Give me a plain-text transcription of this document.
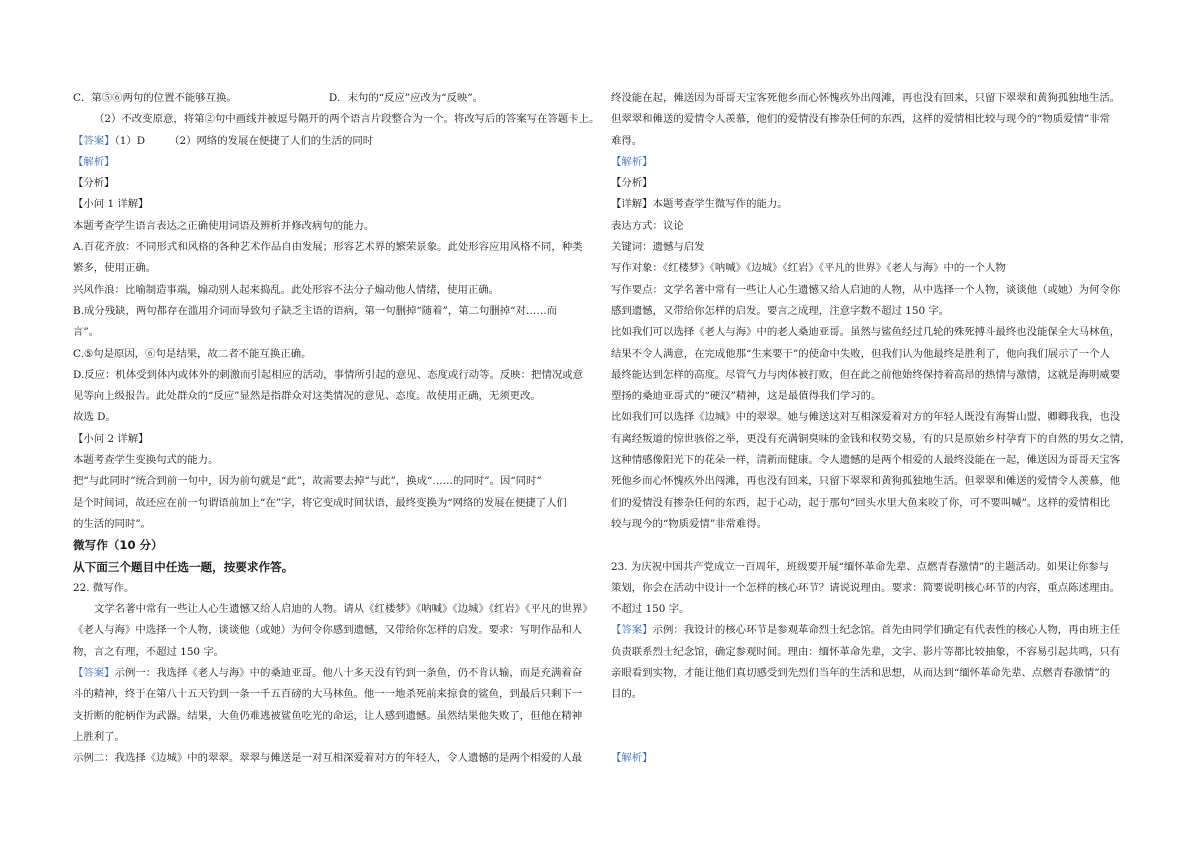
C．第⑤⑥两句的位置不能够互换。	D．末句的“反应”应改为“反映”。
（2）不改变原意，将第②句中画线并被逗号隔开的两个语言片段整合为一个。将改写后的答案写在答题卡上。
【答案】（1）D （2）网络的发展在便捷了人们的生活的同时
【解析】
【分析】
【小问 1 详解】
本题考查学生语言表达之正确使用词语及辨析并修改病句的能力。
A.百花齐放：不同形式和风格的各种艺术作品自由发展；形容艺术界的繁荣景象。此处形容应用风格不同，种类
繁多，使用正确。
兴风作浪：比喻制造事端，煽动别人起来捣乱。此处形容不法分子煽动他人情绪，使用正确。
B.成分残缺，两句都存在滥用介词而导致句子缺乏主语的语病，第一句删掉“随着”，第二句删掉“对……而
言”。
C.⑤句是原因，⑥句是结果，故二者不能互换正确。
D.反应：机体受到体内或体外的刺激而引起相应的活动，事情所引起的意见、态度或行动等。反映：把情况或意
见等向上级报告。此处群众的“反应”显然是指群众对这类情况的意见、态度。故使用正确，无须更改。
故选 D。
【小问 2 详解】
本题考查学生变换句式的能力。
把“与此同时”统合到前一句中，因为前句就是“此”，故需要去掉“与此”，换成“……的同时”。因“同时”
是个时间词，故还应在前一句谓语前加上“在”字，将它变成时间状语，最终变换为“网络的发展在便捷了人们
的生活的同时”。
微写作（10 分）
从下面三个题目中任选一题，按要求作答。
22. 微写作。
文学名著中常有一些让人心生遗憾又给人启迪的人物。请从《红楼梦》《呐喊》《边城》《红岩》《平凡的世界》
《老人与海》中选择一个人物，谈谈他（或她）为何令你感到遗憾，又带给你怎样的启发。要求：写明作品和人
物，言之有理，不超过 150 字。
【答案】示例一：我选择《老人与海》中的桑迪亚哥。他八十多天没有钓到一条鱼，仍不肯认输，而是充满着奋
斗的精神，终于在第八十五天钓到一条一千五百磅的大马林鱼。他一一地杀死前来掠食的鲨鱼，到最后只剩下一
支折断的舵柄作为武器。结果，大鱼仍难逃被鲨鱼吃光的命运，让人感到遗憾。虽然结果他失败了，但他在精神
上胜利了。
示例二：我选择《边城》中的翠翠。翠翠与傩送是一对互相深爱着对方的年轻人，令人遗憾的是两个相爱的人最
终没能在起，傩送因为哥哥天宝客死他乡而心怀愧疚外出闯滩，再也没有回来，只留下翠翠和黄狗孤独地生活。
但翠翠和傩送的爱情令人羡慕，他们的爱情没有掺杂任何的东西，这样的爱情相比较与现今的“物质爱情”非常
难得。
【解析】
【分析】
【详解】本题考查学生微写作的能力。
表达方式：议论
关键词：遗憾与启发
写作对象：《红楼梦》《呐喊》《边城》《红岩》《平凡的世界》《老人与海》中的一个人物
写作要点：文学名著中常有一些让人心生遗憾又给人启迪的人物，从中选择一个人物，谈谈他（或她）为何令你
感到遗憾，又带给你怎样的启发。要言之成理，注意字数不超过 150 字。
比如我们可以选择《老人与海》中的老人桑迪亚哥。虽然与鲨鱼经过几轮的殊死搏斗最终也没能保全大马林鱼，
结果不令人满意，在完成他那“生来要干”的使命中失败，但我们认为他最终是胜利了，他向我们展示了一个人
最终能达到怎样的高度。尽管气力与肉体被打败，但在此之前他始终保持着高昂的热情与激情，这就是海明威要
塑扬的桑迪亚哥式的“硬汉”精神，这是最值得我们学习的。
比如我们可以选择《边城》中的翠翠。她与傩送这对互相深爱着对方的年轻人既没有海誓山盟、卿卿我我，也没
有离经叛道的惊世骇俗之举，更没有充满铜臭味的金钱和权势交易，有的只是原始乡村孕育下的自然的男女之情，
这种情感像阳光下的花朵一样，清新而健康。令人遗憾的是两个相爱的人最终没能在一起，傩送因为哥哥天宝客
死他乡而心怀愧疚外出闯滩，再也没有回来，只留下翠翠和黄狗孤独地生活。但翠翠和傩送的爱情令人羡慕，他
们的爱情没有掺杂任何的东西，起于心动，起于那句“回头水里大鱼来咬了你，可不要叫喊”。这样的爱情相比
较与现今的“物质爱情”非常难得。
23. 为庆祝中国共产党成立一百周年，班级要开展“缅怀革命先辈、点燃青春激情”的主题活动。如果让你参与
策划，你会在活动中设计一个怎样的核心环节？请说说理由。要求：简要说明核心环节的内容，重点陈述理由。
不超过 150 字。
【答案】示例：我设计的核心环节是参观革命烈士纪念馆。首先由同学们确定有代表性的核心人物，再由班主任
负责联系烈士纪念馆，确定参观时间。理由：缅怀革命先辈，文字、影片等都比较抽象，不容易引起共鸣，只有
亲眼看到实物，才能让他们真切感受到先烈们当年的生活和思想，从而达到“缅怀革命先辈、点燃青春激情”的
目的。
【解析】
